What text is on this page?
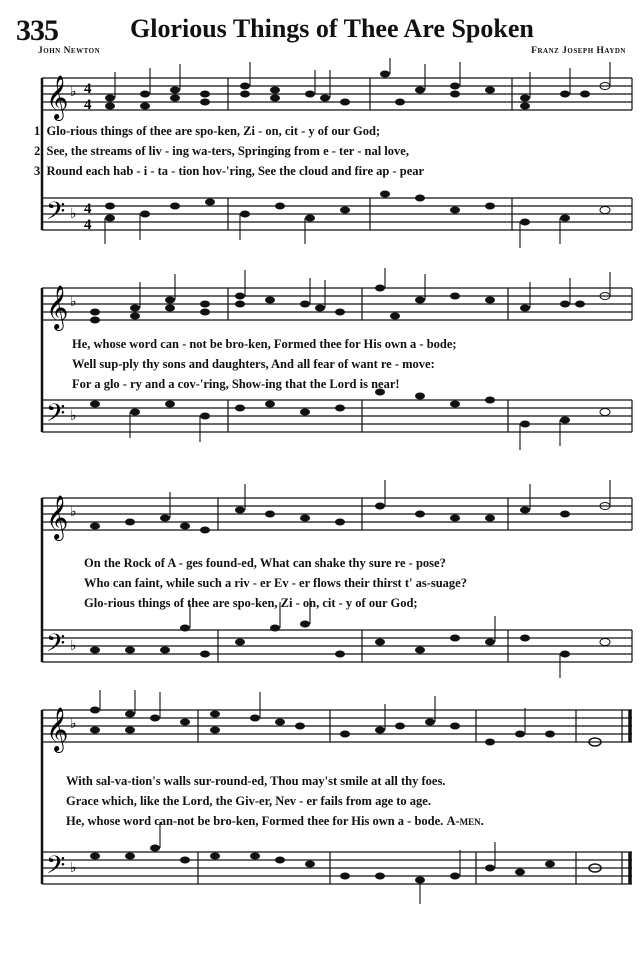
335	Glorious Things of Thee Are Spoken
John Newton	Franz Joseph Haydn
𝄞
𝄢
♭
♭
4
4
4
4
1. Glo-rious things of thee are spo-ken, Zi - on, cit - y of our God;
2. See, the streams of liv - ing wa-ters, Springing from e - ter - nal love,
3. Round each hab - i - ta - tion hov-'ring, See the cloud and fire ap - pear
𝄞
𝄢
♭
♭
He, whose word can - not be bro-ken, Formed thee for His own a - bode;
Well sup-ply thy sons and daughters, And all fear of want re - move:
For a glo - ry and a cov-'ring, Show-ing that the Lord is near!
𝄞
𝄢
♭
♭
On the Rock of A - ges found-ed, What can shake thy sure re - pose?
Who can faint, while such a riv - er Ev - er flows their thirst t' as-suage?
Glo-rious things of thee are spo-ken, Zi - on, cit - y of our God;
𝄞
𝄢
♭
♭
With sal-va-tion's walls sur-round-ed, Thou may'st smile at all thy foes.
Grace which, like the Lord, the Giv-er, Nev - er fails from age to age.
He, whose word can-not be bro-ken, Formed thee for His own a - bode. A-men.
